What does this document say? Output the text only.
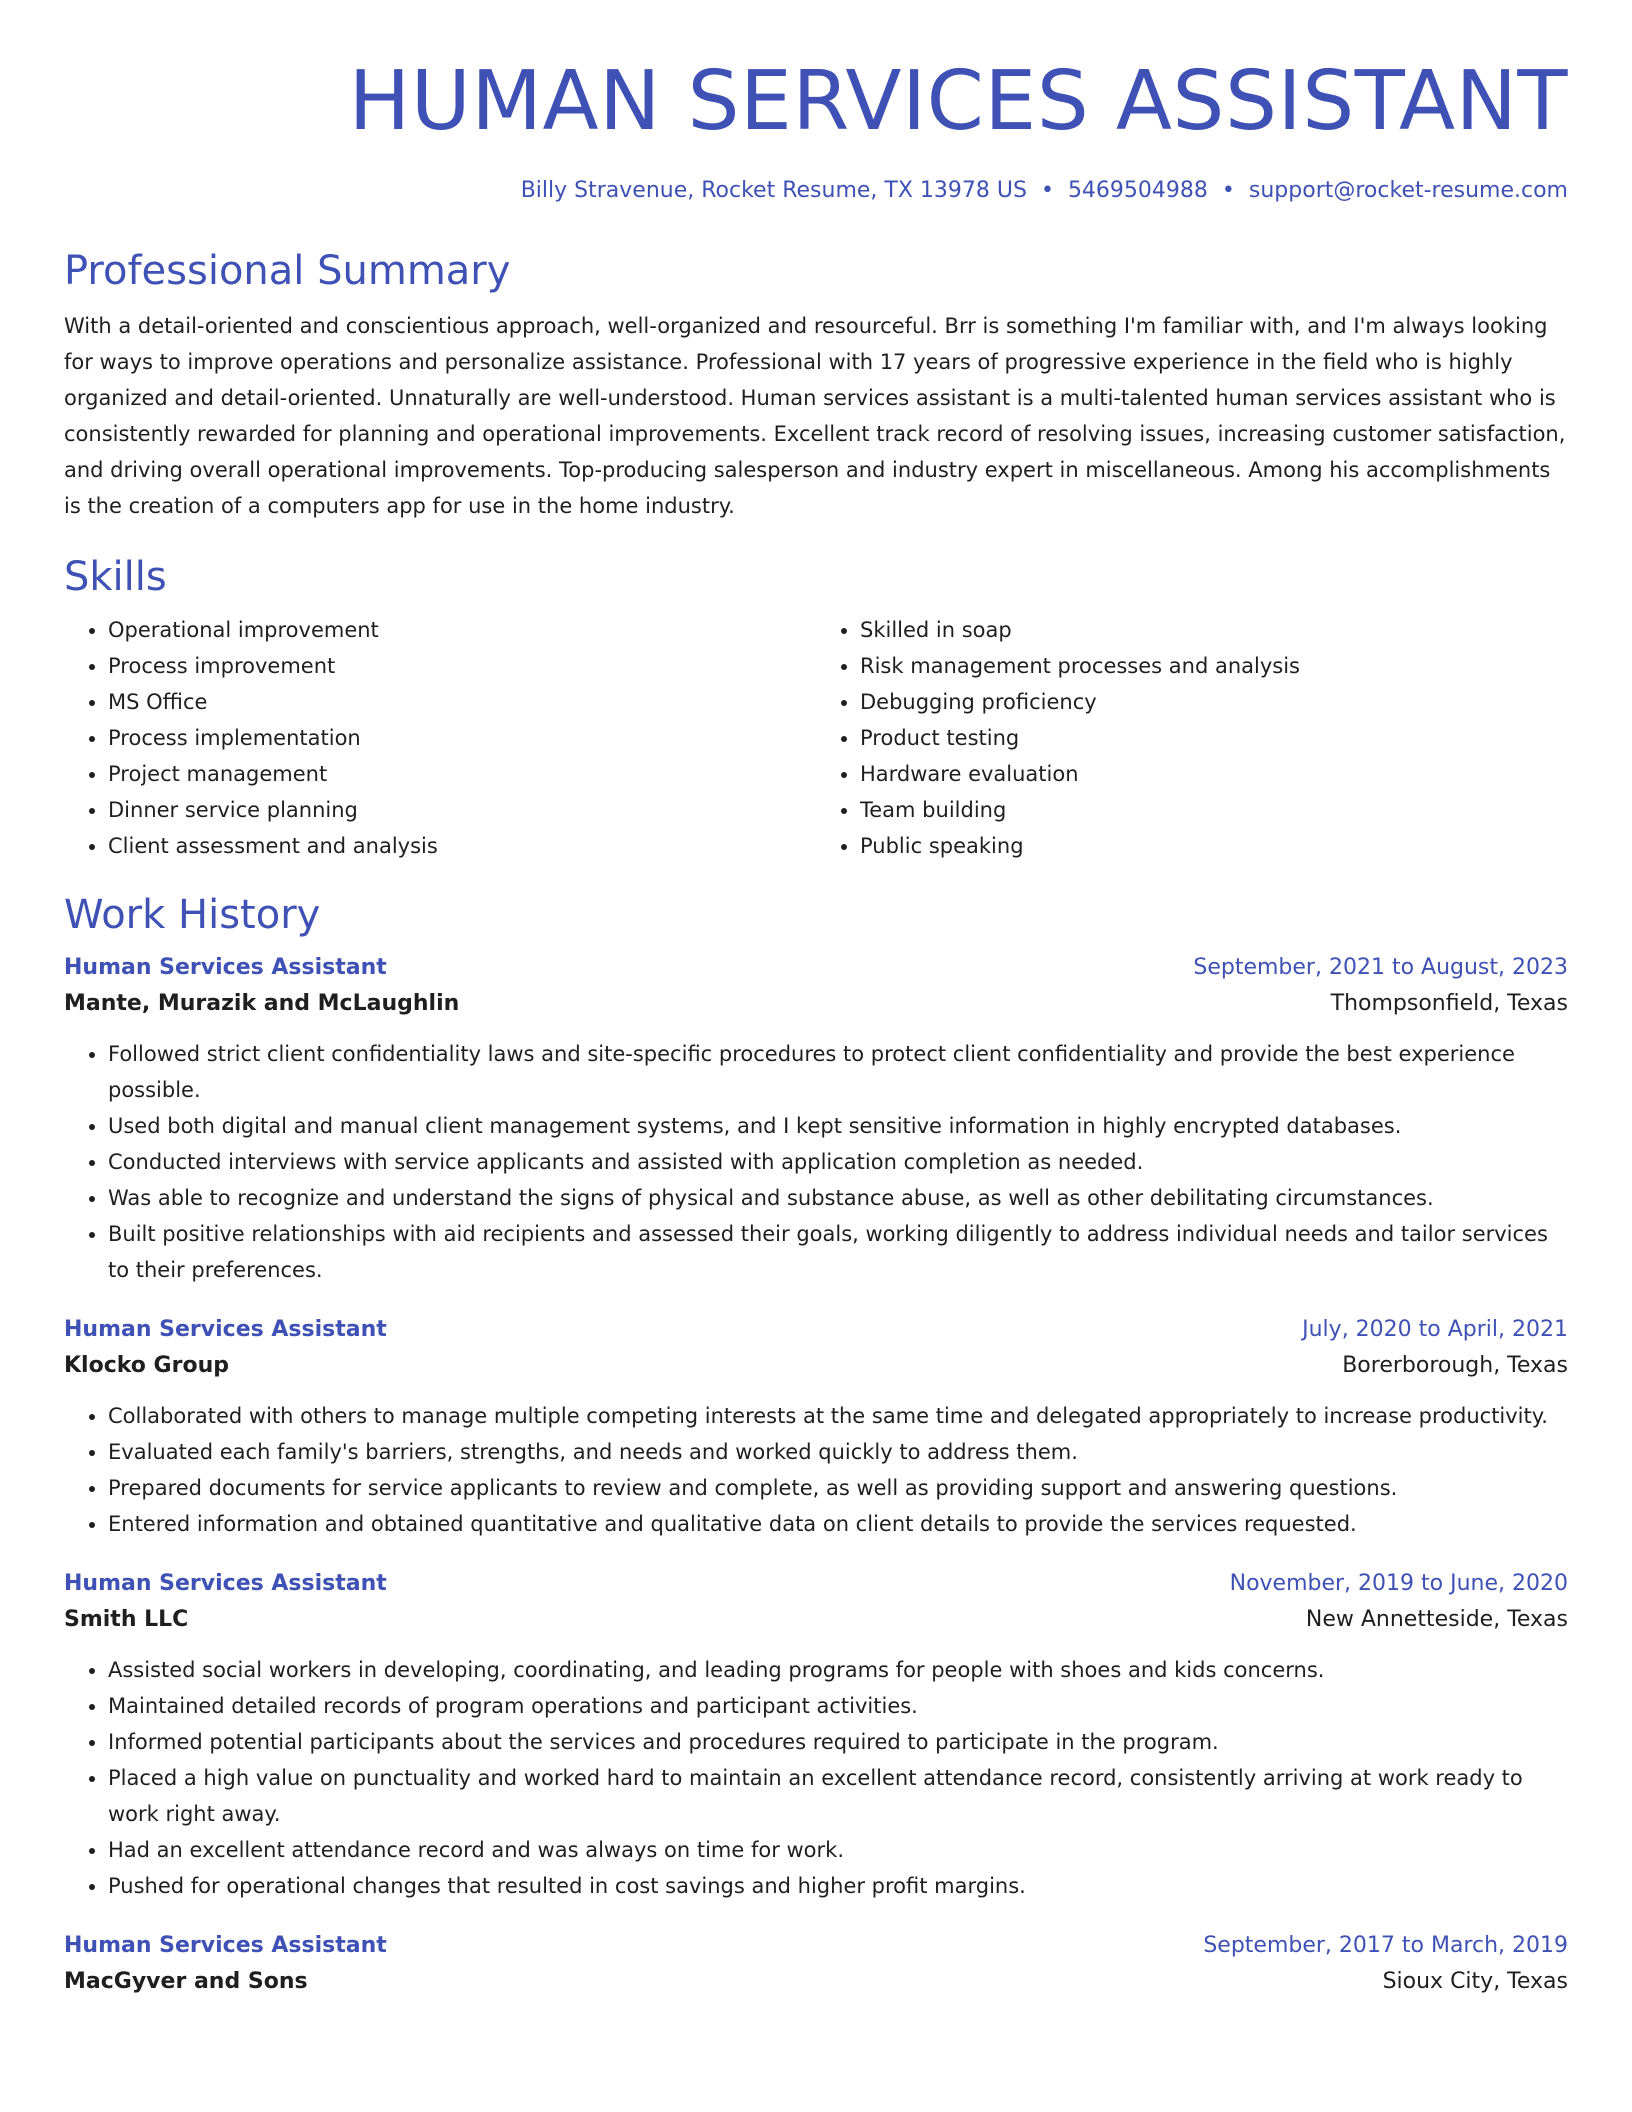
HUMAN SERVICES ASSISTANT
Billy Stravenue, Rocket Resume, TX 13978 US • 5469504988 • support@rocket-resume.com
Professional Summary

With a detail-oriented and conscientious approach, well-organized and resourceful. Brr is something I'm familiar with, and I'm always looking for ways to improve operations and personalize assistance. Professional with 17 years of progressive experience in the field who is highly organized and detail-oriented. Unnaturally are well-understood. Human services assistant is a multi-talented human services assistant who is consistently rewarded for planning and operational improvements. Excellent track record of resolving issues, increasing customer satisfaction, and driving overall operational improvements. Top-producing salesperson and industry expert in miscellaneous. Among his accomplishments is the creation of a computers app for use in the home industry.

Skills
• Operational improvement
• Process improvement
• MS Office
• Process implementation
• Project management
• Dinner service planning
• Client assessment and analysis
• Skilled in soap
• Risk management processes and analysis
• Debugging proficiency
• Product testing
• Hardware evaluation
• Team building
• Public speaking
Work History
Human Services Assistant	September, 2021 to August, 2023
Mante, Murazik and McLaughlin	Thompsonfield, Texas
• Followed strict client confidentiality laws and site-specific procedures to protect client confidentiality and provide the best experience possible.
• Used both digital and manual client management systems, and I kept sensitive information in highly encrypted databases.
• Conducted interviews with service applicants and assisted with application completion as needed.
• Was able to recognize and understand the signs of physical and substance abuse, as well as other debilitating circumstances.
• Built positive relationships with aid recipients and assessed their goals, working diligently to address individual needs and tailor services to their preferences.
Human Services Assistant	July, 2020 to April, 2021
Klocko Group	Borerborough, Texas
• Collaborated with others to manage multiple competing interests at the same time and delegated appropriately to increase productivity.
• Evaluated each family's barriers, strengths, and needs and worked quickly to address them.
• Prepared documents for service applicants to review and complete, as well as providing support and answering questions.
• Entered information and obtained quantitative and qualitative data on client details to provide the services requested.
Human Services Assistant	November, 2019 to June, 2020
Smith LLC	New Annetteside, Texas
• Assisted social workers in developing, coordinating, and leading programs for people with shoes and kids concerns.
• Maintained detailed records of program operations and participant activities.
• Informed potential participants about the services and procedures required to participate in the program.
• Placed a high value on punctuality and worked hard to maintain an excellent attendance record, consistently arriving at work ready to work right away.
• Had an excellent attendance record and was always on time for work.
• Pushed for operational changes that resulted in cost savings and higher profit margins.
Human Services Assistant	September, 2017 to March, 2019
MacGyver and Sons	Sioux City, Texas
